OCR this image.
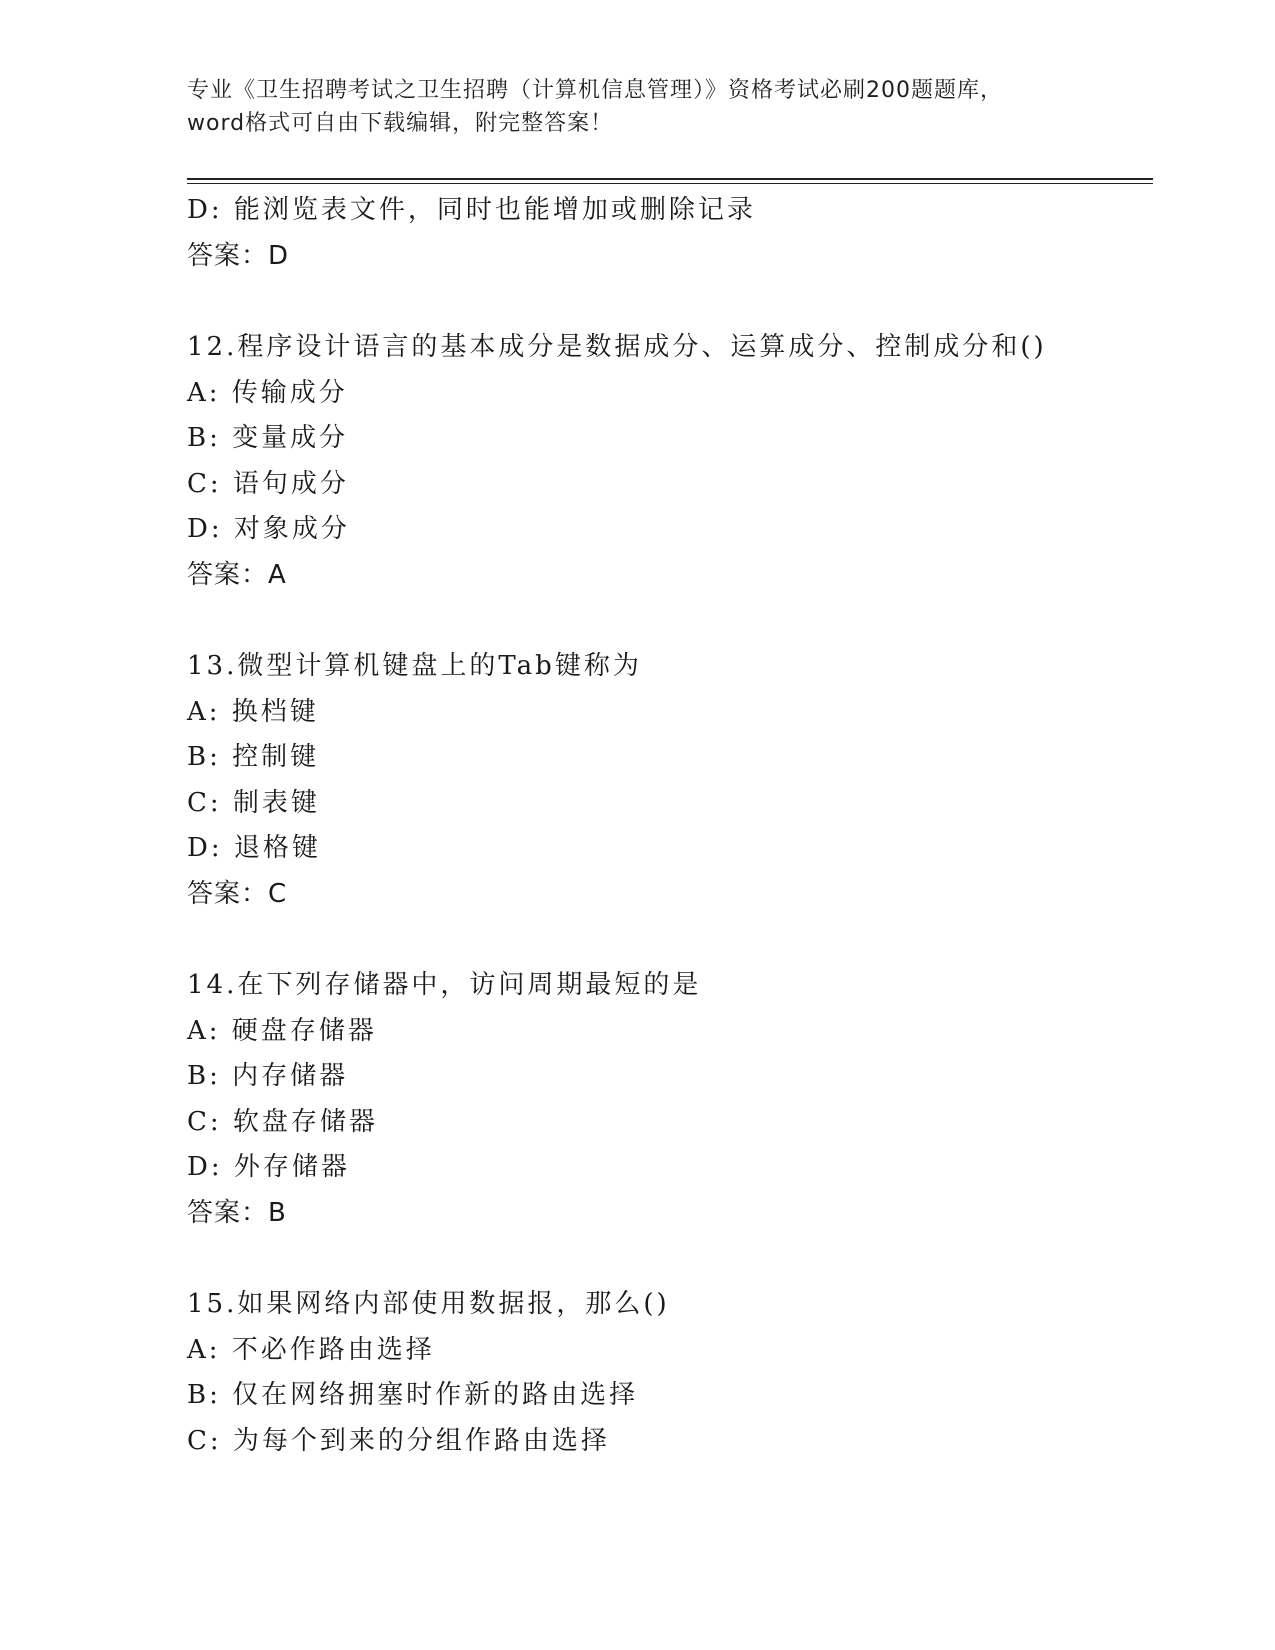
专业《卫生招聘考试之卫生招聘（计算机信息管理）》资格考试必刷200题题库，
word格式可自由下载编辑，附完整答案！
D: 能浏览表文件，同时也能增加或删除记录
答案：D
12.程序设计语言的基本成分是数据成分、运算成分、控制成分和()
A: 传输成分
B: 变量成分
C: 语句成分
D: 对象成分
答案：A
13.微型计算机键盘上的Tab键称为
A: 换档键
B: 控制键
C: 制表键
D: 退格键
答案：C
14.在下列存储器中，访问周期最短的是
A: 硬盘存储器
B: 内存储器
C: 软盘存储器
D: 外存储器
答案：B
15.如果网络内部使用数据报，那么()
A: 不必作路由选择
B: 仅在网络拥塞时作新的路由选择
C: 为每个到来的分组作路由选择
